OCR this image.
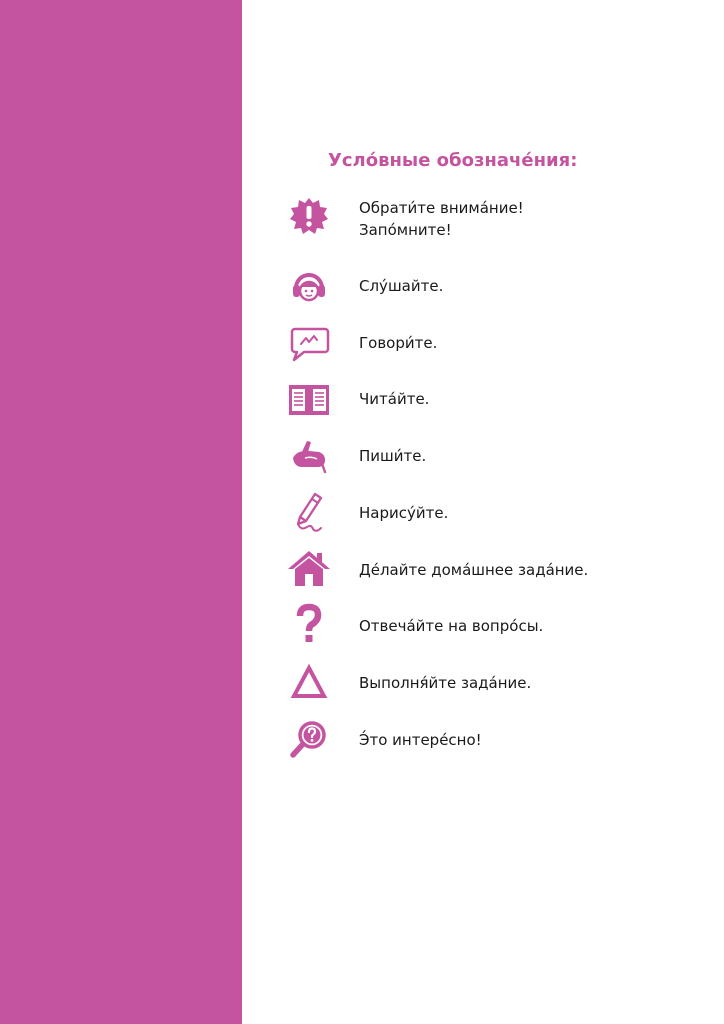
Усло́вные обозначе́ния:
Обрати́те внима́ние!
Запо́мните!
Слу́шайте.
Говори́те.
Чита́йте.
Пиши́те.
Нарису́йте.
Де́лайте дома́шнее зада́ние.
Отвеча́йте на вопро́сы.
Выполня́йте зада́ние.
Э́то интере́сно!
